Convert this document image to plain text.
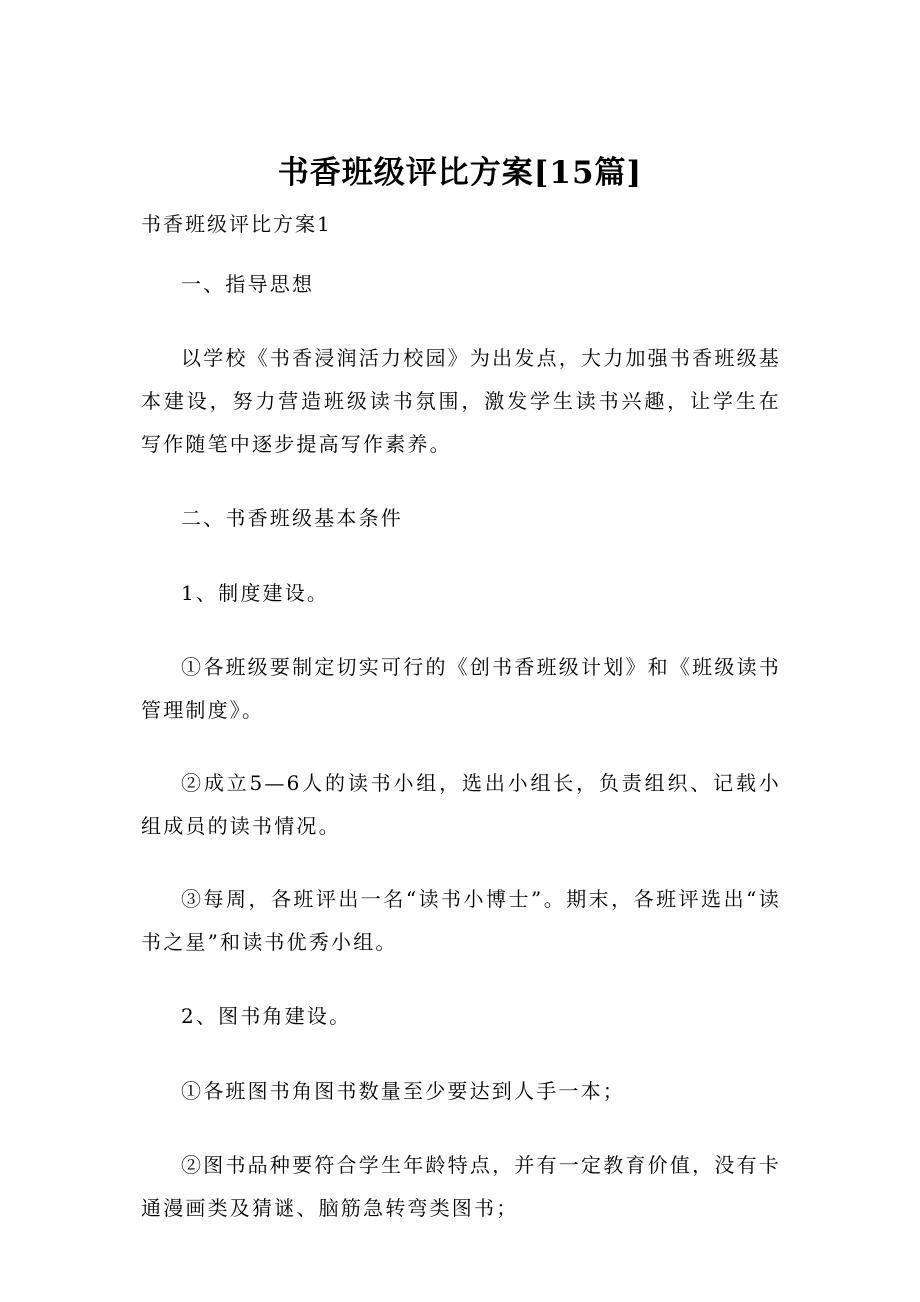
书香班级评比方案[15篇]
书香班级评比方案1

一、指导思想

以学校《书香浸润活力校园》为出发点，大力加强书香班级基本建设，努力营造班级读书氛围，激发学生读书兴趣，让学生在写作随笔中逐步提高写作素养。

二、书香班级基本条件

1、制度建设。

①各班级要制定切实可行的《创书香班级计划》和《班级读书管理制度》。

②成立5—6人的读书小组，选出小组长，负责组织、记载小组成员的读书情况。

③每周，各班评出一名“读书小博士”。期末，各班评选出“读书之星”和读书优秀小组。

2、图书角建设。

①各班图书角图书数量至少要达到人手一本；

②图书品种要符合学生年龄特点，并有一定教育价值，没有卡通漫画类及猜谜、脑筋急转弯类图书；
